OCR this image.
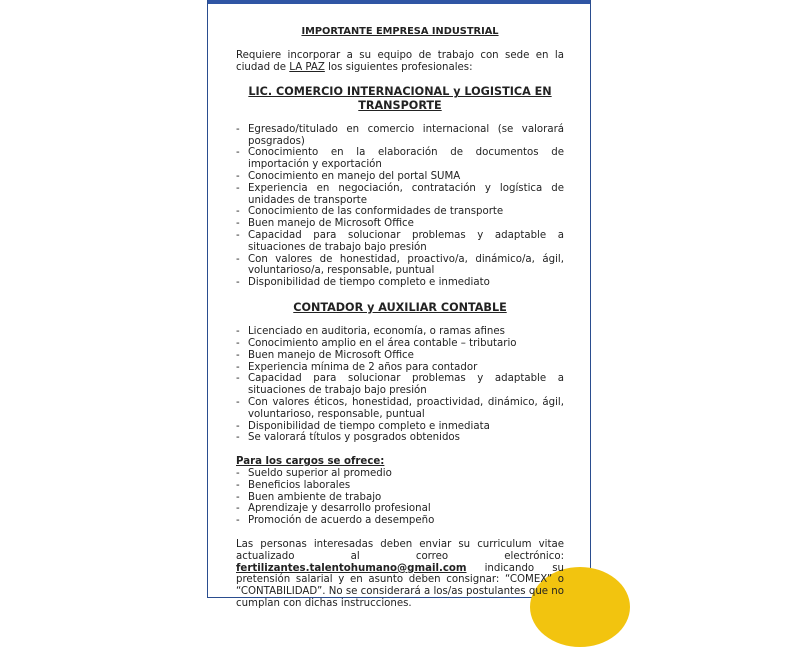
IMPORTANTE EMPRESA INDUSTRIAL

Requiere incorporar a su equipo de trabajo con sede en la ciudad de LA PAZ los siguientes profesionales:

LIC. COMERCIO INTERNACIONAL y LOGISTICA EN TRANSPORTE

- Egresado/titulado en comercio internacional (se valorará posgrados)
- Conocimiento en la elaboración de documentos de importación y exportación
- Conocimiento en manejo del portal SUMA
- Experiencia en negociación, contratación y logística de unidades de transporte
- Conocimiento de las conformidades de transporte
- Buen manejo de Microsoft Office
- Capacidad para solucionar problemas y adaptable a situaciones de trabajo bajo presión
- Con valores de honestidad, proactivo/a, dinámico/a, ágil, voluntarioso/a, responsable, puntual
- Disponibilidad de tiempo completo e inmediato

CONTADOR y AUXILIAR CONTABLE

- Licenciado en auditoria, economía, o ramas afines
- Conocimiento amplio en el área contable – tributario
- Buen manejo de Microsoft Office
- Experiencia mínima de 2 años para contador
- Capacidad para solucionar problemas y adaptable a situaciones de trabajo bajo presión
- Con valores éticos, honestidad, proactividad, dinámico, ágil, voluntarioso, responsable, puntual
- Disponibilidad de tiempo completo e inmediata
- Se valorará títulos y posgrados obtenidos

Para los cargos se ofrece:

- Sueldo superior al promedio
- Beneficios laborales
- Buen ambiente de trabajo
- Aprendizaje y desarrollo profesional
- Promoción de acuerdo a desempeño

Las personas interesadas deben enviar su curriculum vitae actualizado al correo electrónico: fertilizantes.talentohumano@gmail.com indicando su pretensión salarial y en asunto deben consignar: “COMEX” o “CONTABILIDAD”. No se considerará a los/as postulantes que no cumplan con dichas instrucciones.
